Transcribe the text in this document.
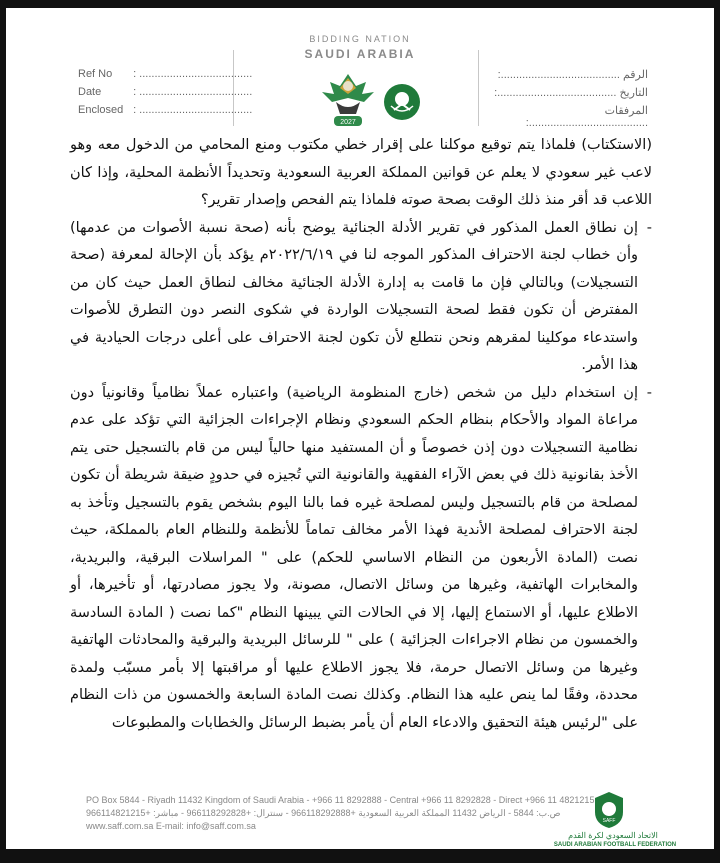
BIDDING NATION
SAUDI ARABIA
2027
Ref No : .....................................
Date	: .....................................
Enclosed : .....................................
الرقم .......................................:
التاريخ .......................................:
المرفقات .......................................:

(الاستكتاب) فلماذا يتم توقيع موكلنا على إقرار خطي مكتوب ومنع المحامي من الدخول معه وهو لاعب غير سعودي لا يعلم عن قوانين المملكة العربية السعودية وتحديداً الأنظمة المحلية، وإذا كان اللاعب قد أقر منذ ذلك الوقت بصحة صوته فلماذا يتم الفحص وإصدار تقرير؟

- إن نطاق العمل المذكور في تقرير الأدلة الجنائية يوضح بأنه (صحة نسبة الأصوات من عدمها) وأن خطاب لجنة الاحتراف المذكور الموجه لنا في ٢٠٢٢/٦/١٩م يؤكد بأن الإحالة لمعرفة (صحة التسجيلات) وبالتالي فإن ما قامت به إدارة الأدلة الجنائية مخالف لنطاق العمل حيث كان من المفترض أن تكون فقط لصحة التسجيلات الواردة في شكوى النصر دون التطرق للأصوات واستدعاء موكلينا لمقرهم ونحن نتطلع لأن تكون لجنة الاحتراف على أعلى درجات الحيادية في هذا الأمر.

- إن استخدام دليل من شخص (خارج المنظومة الرياضية) واعتباره عملاً نظامياً وقانونياً دون مراعاة المواد والأحكام بنظام الحكم السعودي ونظام الإجراءات الجزائية التي تؤكد على عدم نظامية التسجيلات دون إذن خصوصاً و أن المستفيد منها حالياً ليس من قام بالتسجيل حتى يتم الأخذ بقانونية ذلك في بعض الآراء الفقهية والقانونية التي تُجيزه في حدودٍ ضيقة شريطة أن تكون لمصلحة من قام بالتسجيل وليس لمصلحة غيره فما بالنا اليوم بشخص يقوم بالتسجيل وتأخذ به لجنة الاحتراف لمصلحة الأندية فهذا الأمر مخالف تماماً للأنظمة وللنظام العام بالمملكة، حيث نصت (المادة الأربعون من النظام الاساسي للحكم) على " المراسلات البرقية، والبريدية، والمخابرات الهاتفية، وغيرها من وسائل الاتصال، مصونة، ولا يجوز مصادرتها، أو تأخيرها، أو الاطلاع عليها، أو الاستماع إليها، إلا في الحالات التي يبينها النظام "كما نصت ( المادة السادسة والخمسون من نظام الاجراءات الجزائية ) على " للرسائل البريدية والبرقية والمحادثات الهاتفية وغيرها من وسائل الاتصال حرمة، فلا يجوز الاطلاع عليها أو مراقبتها إلا بأمر مسبّب ولمدة محددة، وفقًا لما ينص عليه هذا النظام. وكذلك نصت المادة السابعة والخمسون من ذات النظام على "لرئيس هيئة التحقيق والادعاء العام أن يأمر بضبط الرسائل والخطابات والمطبوعات

PO Box 5844 - Riyadh 11432 Kingdom of Saudi Arabia - +966 11 8292888 - Central +966 11 8292828 - Direct +966 11 4821215
ص.ب: 5844 - الرياض 11432 المملكة العربية السعودية +966118292888 - سنترال: +966118292828 - مباشر: +966114821215
www.saff.com.sa E-mail: info@saff.com.sa	SAFF
الاتحاد السعودي لكرة القدم
SAUDI ARABIAN FOOTBALL FEDERATION
